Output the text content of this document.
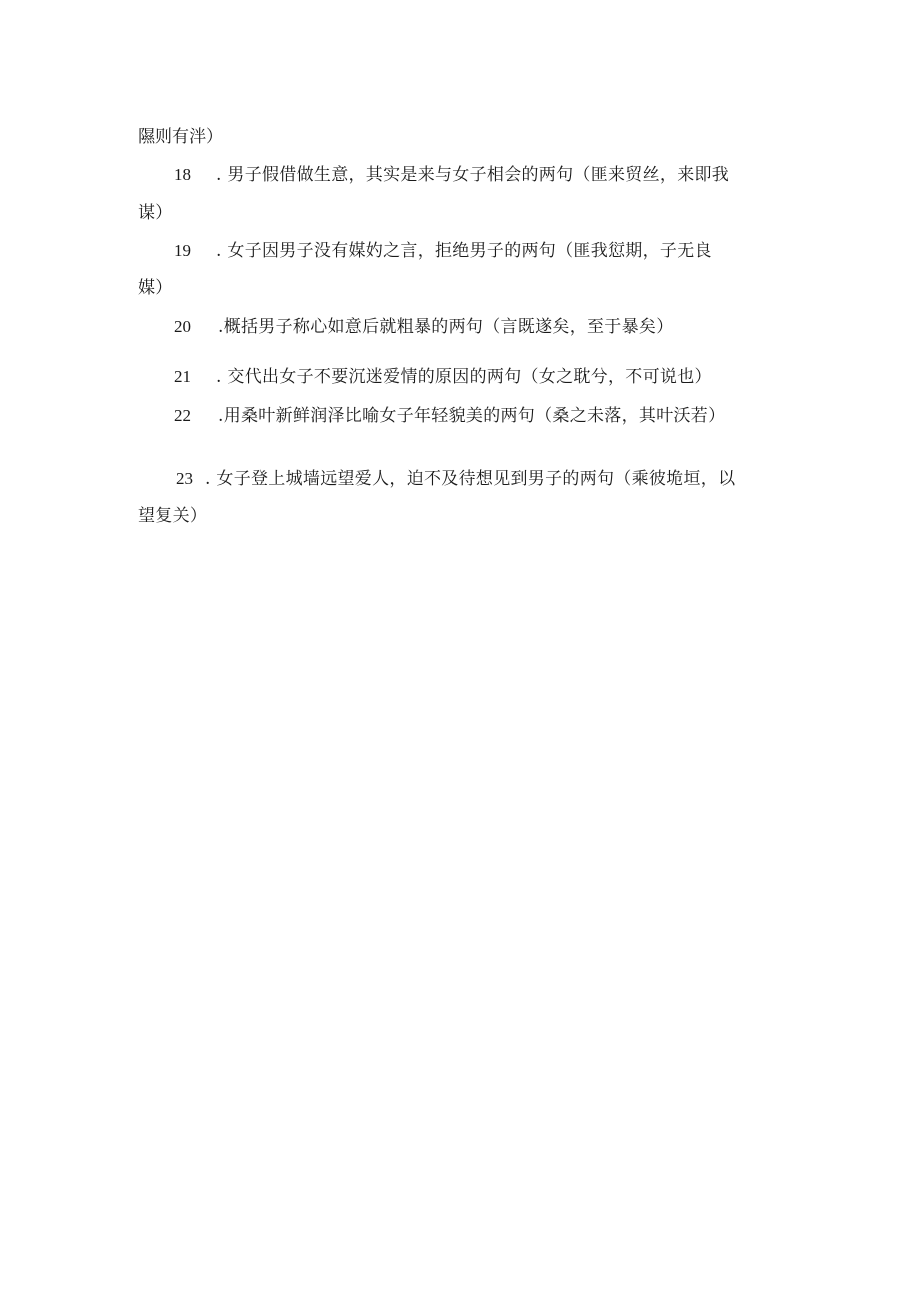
隰则有泮）
18 . 男子假借做生意，其实是来与女子相会的两句（匪来贸丝，来即我
谋）
19 . 女子因男子没有媒妁之言，拒绝男子的两句（匪我愆期，子无良
媒）
20 .概括男子称心如意后就粗暴的两句（言既遂矣，至于暴矣）
21 . 交代出女子不要沉迷爱情的原因的两句（女之耽兮，不可说也）
22 .用桑叶新鲜润泽比喻女子年轻貌美的两句（桑之未落，其叶沃若）
23 . 女子登上城墙远望爱人，迫不及待想见到男子的两句（乘彼垝垣，以
望复关）
